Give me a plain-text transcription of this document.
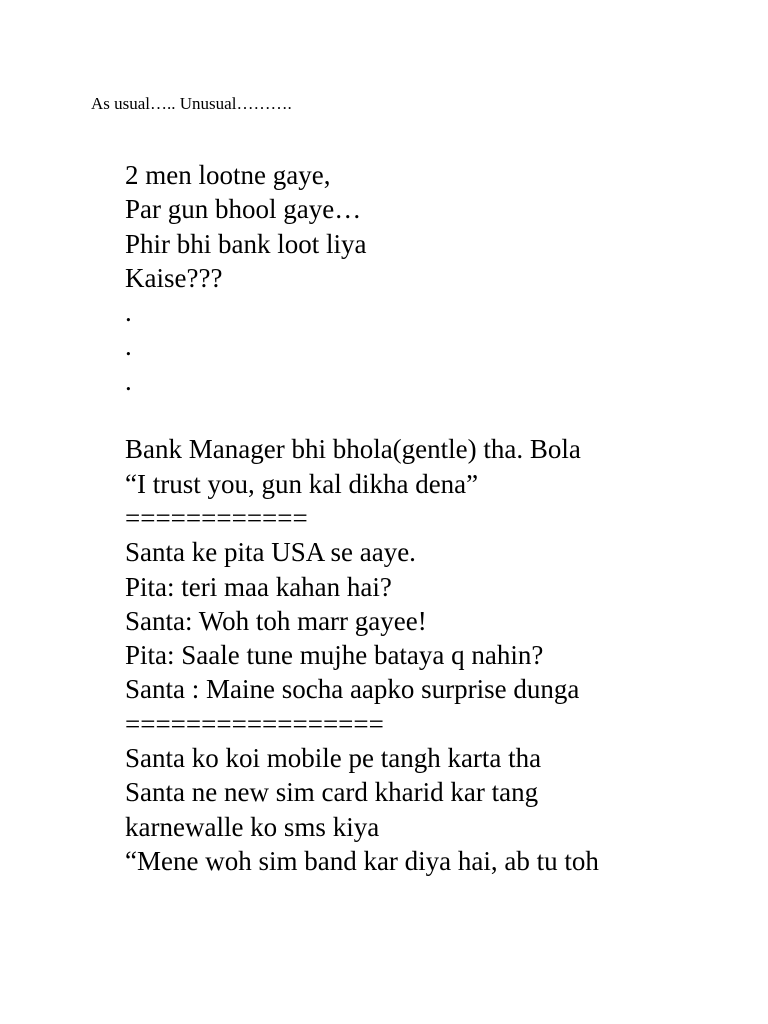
As usual….. Unusual……….
2 men lootne gaye,
Par gun bhool gaye…
Phir bhi bank loot liya
Kaise???
.
.
.
Bank Manager bhi bhola(gentle) tha. Bola
“I trust you, gun kal dikha dena”
============
Santa ke pita USA se aaye.
Pita: teri maa kahan hai?
Santa: Woh toh marr gayee!
Pita: Saale tune mujhe bataya q nahin?
Santa : Maine socha aapko surprise dunga
=================
Santa ko koi mobile pe tangh karta tha
Santa ne new sim card kharid kar tang
karnewalle ko sms kiya
“Mene woh sim band kar diya hai, ab tu toh
